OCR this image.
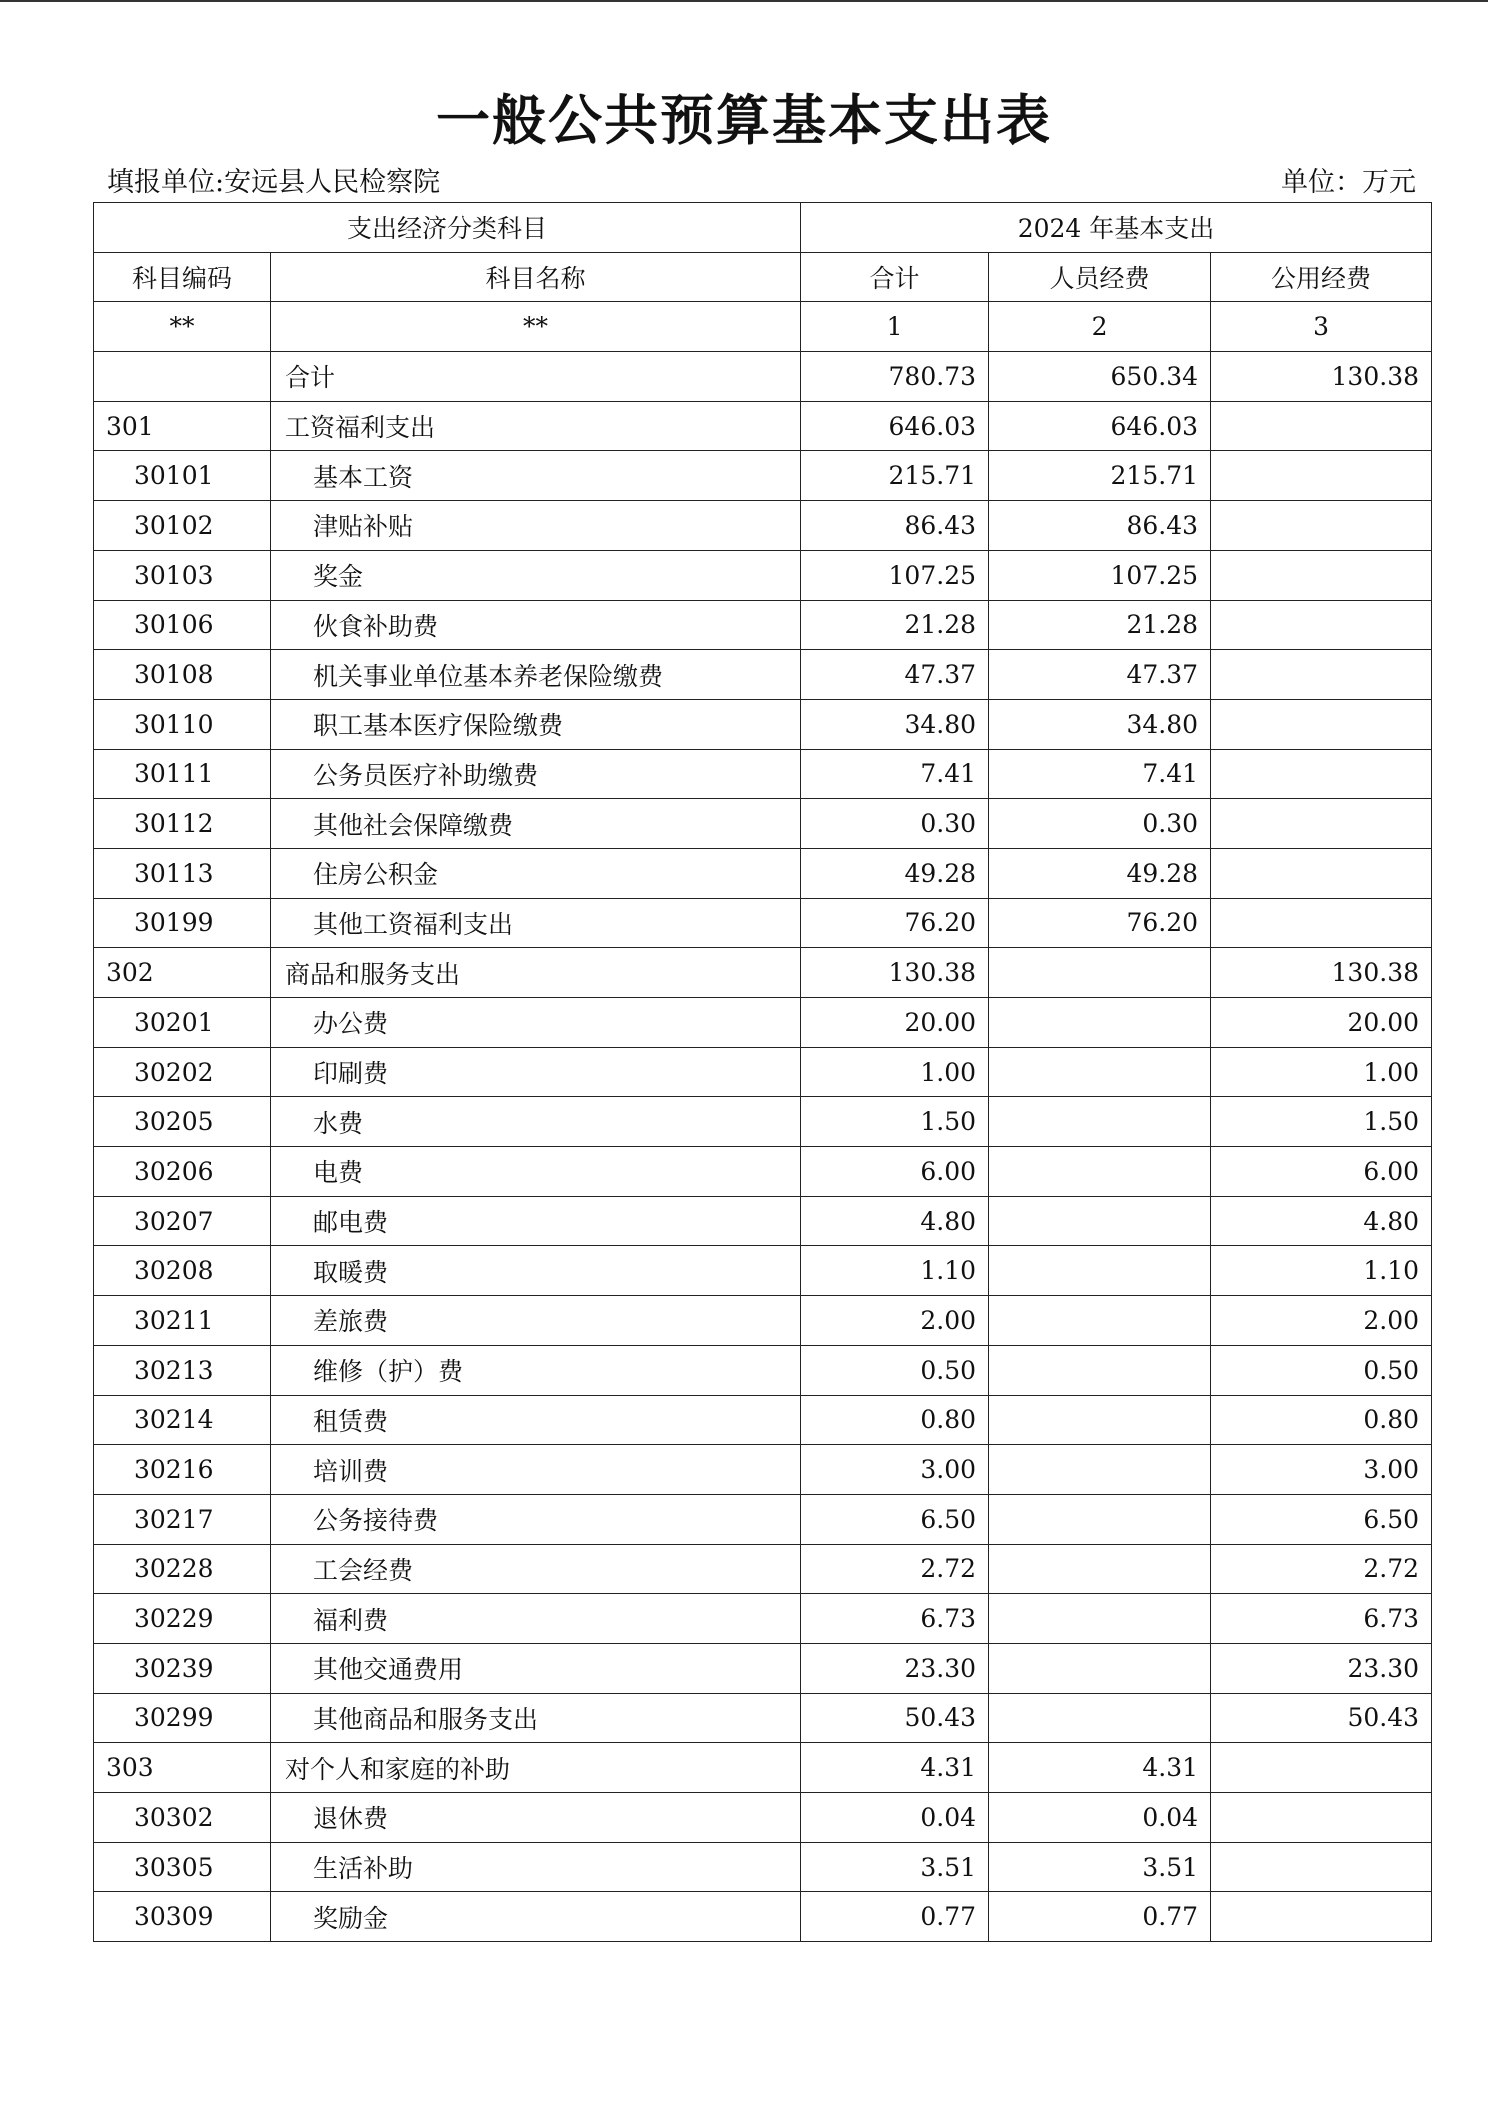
一般公共预算基本支出表
填报单位:安远县人民检察院	单位：万元
支出经济分类科目		2024 年基本支出		
科目编码	科目名称	合计	人员经费	公用经费
**	**	1	2	3
	合计	780.73	650.34	130.38
301	工资福利支出	646.03	646.03	
30101	基本工资	215.71	215.71	
30102	津贴补贴	86.43	86.43	
30103	奖金	107.25	107.25	
30106	伙食补助费	21.28	21.28	
30108	机关事业单位基本养老保险缴费	47.37	47.37	
30110	职工基本医疗保险缴费	34.80	34.80	
30111	公务员医疗补助缴费	7.41	7.41	
30112	其他社会保障缴费	0.30	0.30	
30113	住房公积金	49.28	49.28	
30199	其他工资福利支出	76.20	76.20	
302	商品和服务支出	130.38		130.38
30201	办公费	20.00		20.00
30202	印刷费	1.00		1.00
30205	水费	1.50		1.50
30206	电费	6.00		6.00
30207	邮电费	4.80		4.80
30208	取暖费	1.10		1.10
30211	差旅费	2.00		2.00
30213	维修（护）费	0.50		0.50
30214	租赁费	0.80		0.80
30216	培训费	3.00		3.00
30217	公务接待费	6.50		6.50
30228	工会经费	2.72		2.72
30229	福利费	6.73		6.73
30239	其他交通费用	23.30		23.30
30299	其他商品和服务支出	50.43		50.43
303	对个人和家庭的补助	4.31	4.31	
30302	退休费	0.04	0.04	
30305	生活补助	3.51	3.51	
30309	奖励金	0.77	0.77	
